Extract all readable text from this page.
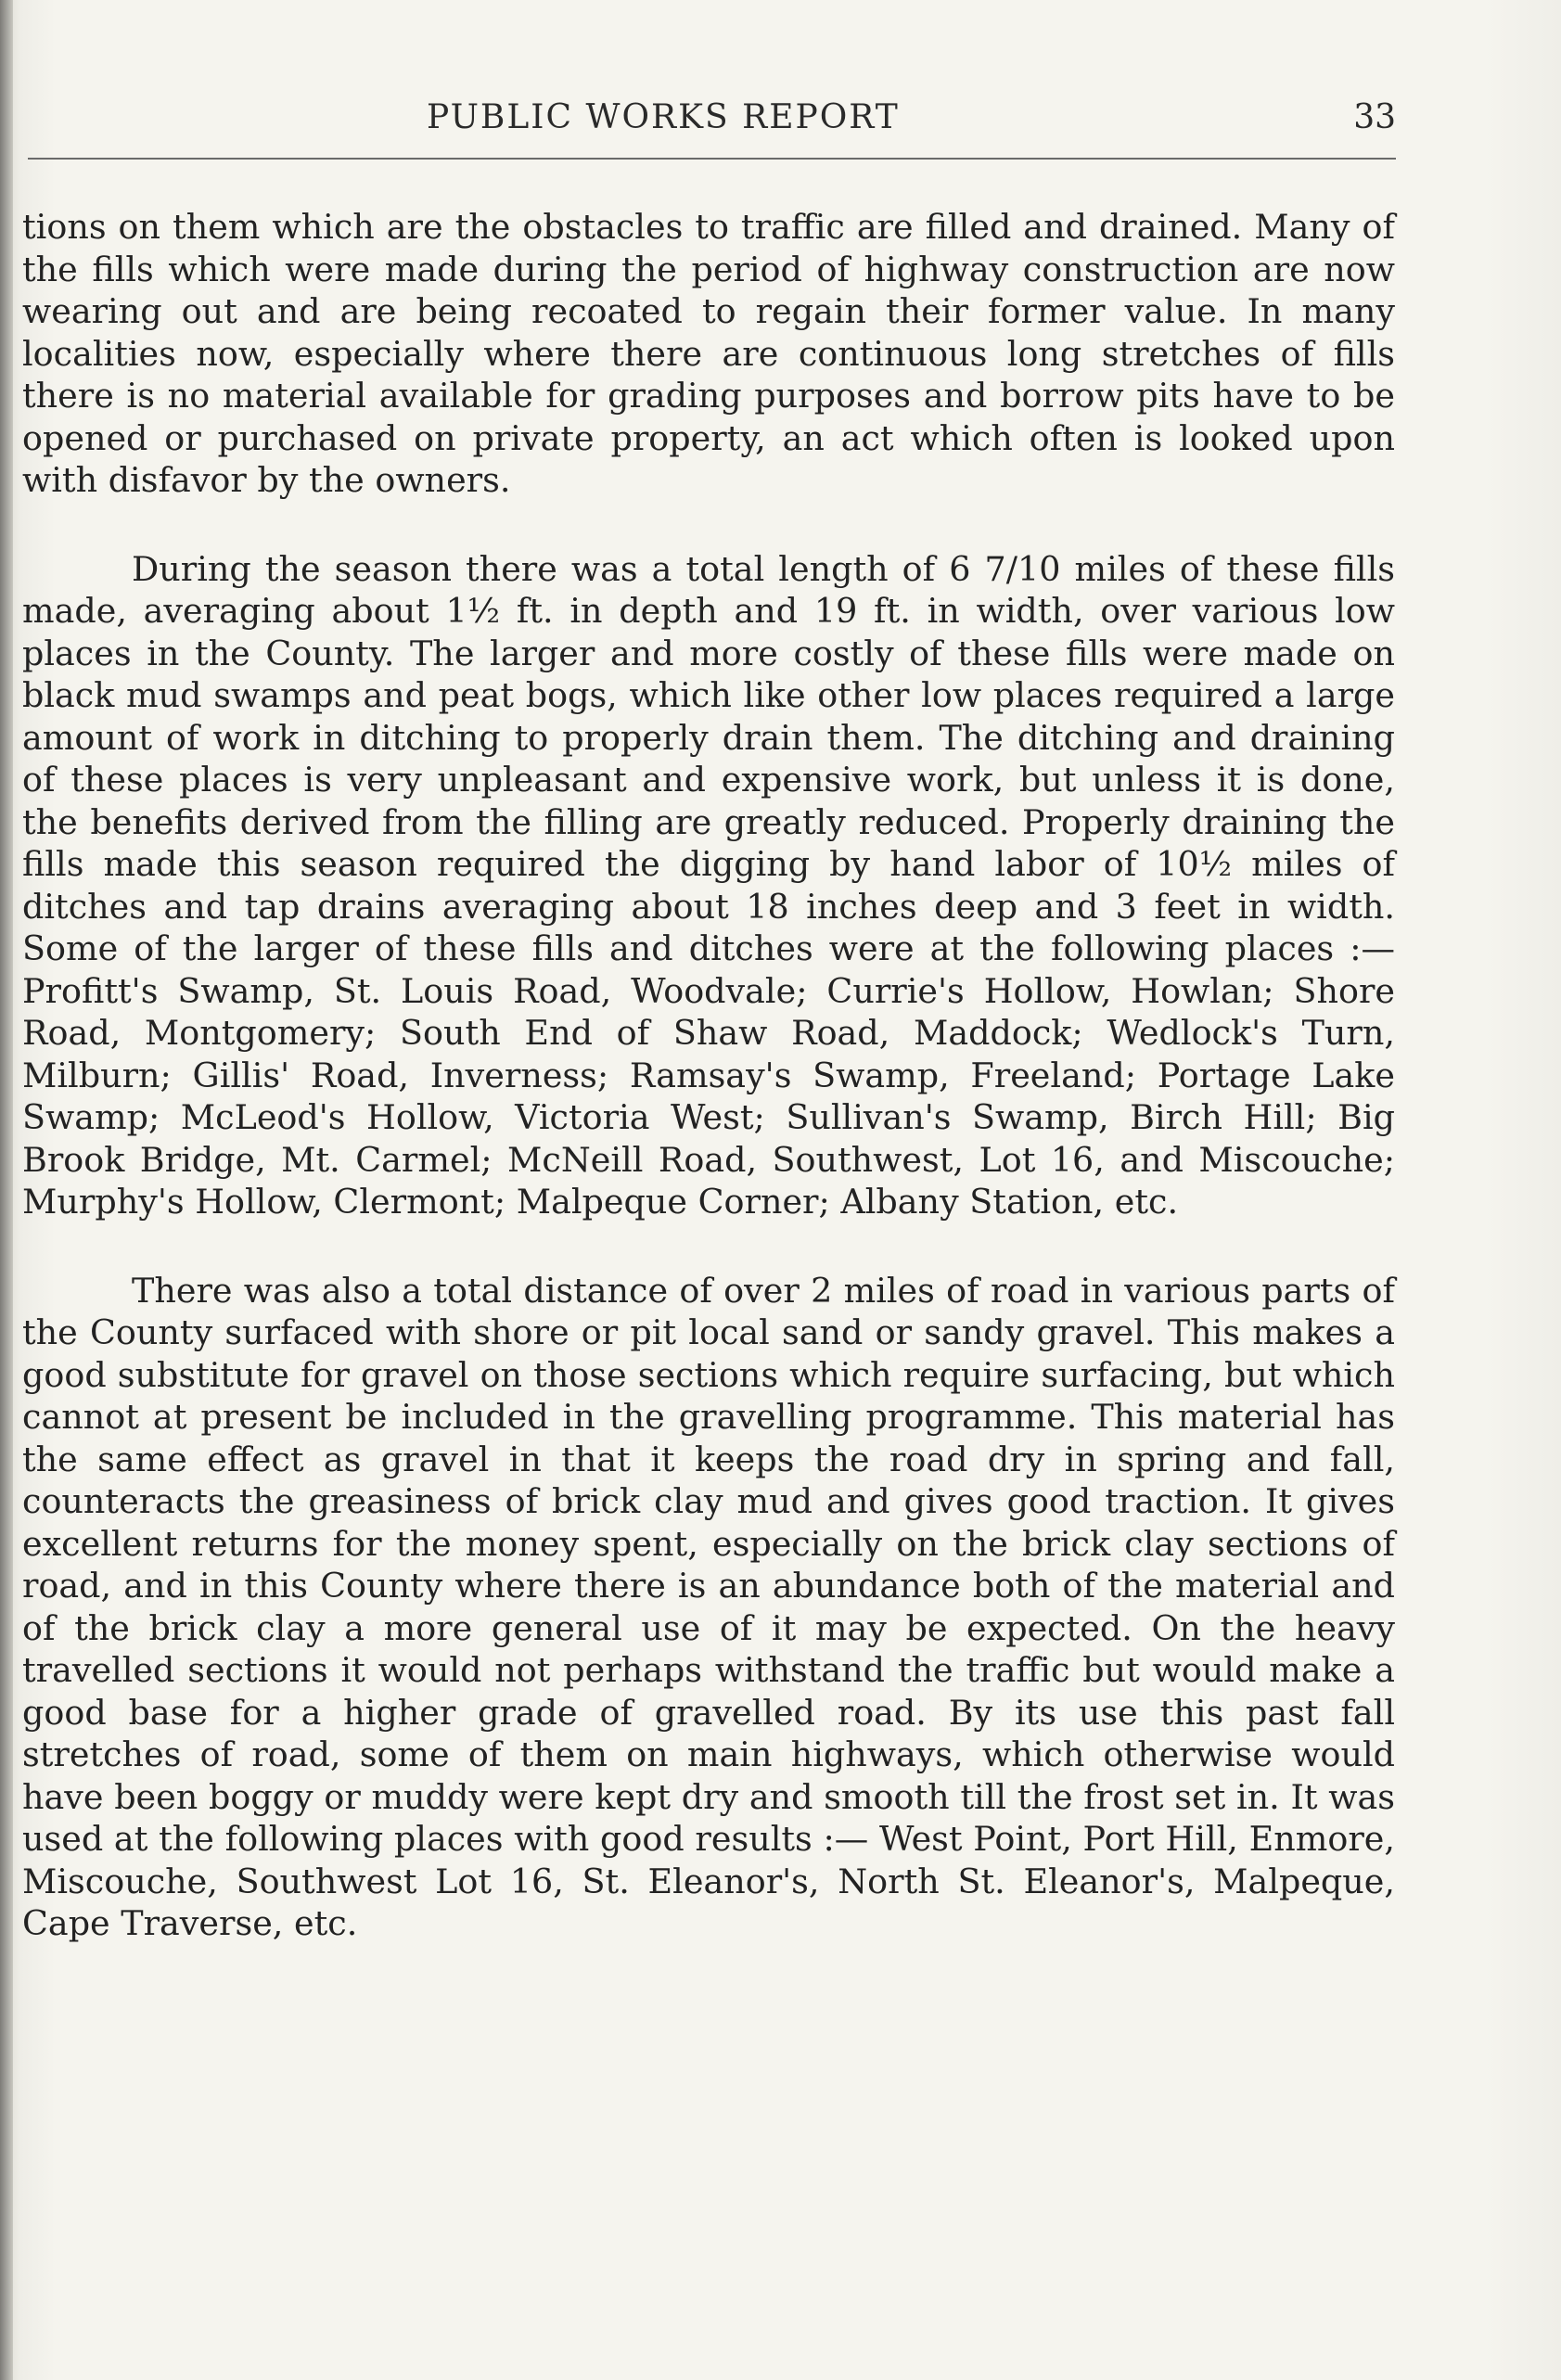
PUBLIC WORKS REPORT	33

tions on them which are the obstacles to traffic are filled and drained. Many of the fills which were made during the period of highway construction are now wearing out and are being recoated to regain their former value. In many localities now, especially where there are continuous long stretches of fills there is no material available for grading purposes and borrow pits have to be opened or purchased on private property, an act which often is looked upon with disfavor by the owners.

During the season there was a total length of 6 7/10 miles of these fills made, averaging about 1½ ft. in depth and 19 ft. in width, over various low places in the County. The larger and more costly of these fills were made on black mud swamps and peat bogs, which like other low places required a large amount of work in ditching to properly drain them. The ditching and draining of these places is very unpleasant and expensive work, but unless it is done, the benefits derived from the filling are greatly reduced. Properly draining the fills made this season required the digging by hand labor of 10½ miles of ditches and tap drains averaging about 18 inches deep and 3 feet in width. Some of the larger of these fills and ditches were at the following places :— Profitt's Swamp, St. Louis Road, Woodvale; Currie's Hollow, Howlan; Shore Road, Montgomery; South End of Shaw Road, Maddock; Wedlock's Turn, Milburn; Gillis' Road, Inverness; Ramsay's Swamp, Freeland; Portage Lake Swamp; McLeod's Hollow, Victoria West; Sullivan's Swamp, Birch Hill; Big Brook Bridge, Mt. Carmel; McNeill Road, Southwest, Lot 16, and Miscouche; Murphy's Hollow, Clermont; Malpeque Corner; Albany Station, etc.

There was also a total distance of over 2 miles of road in various parts of the County surfaced with shore or pit local sand or sandy gravel. This makes a good substitute for gravel on those sections which require surfacing, but which cannot at present be included in the gravelling programme. This material has the same effect as gravel in that it keeps the road dry in spring and fall, counteracts the greasiness of brick clay mud and gives good traction. It gives excellent returns for the money spent, especially on the brick clay sections of road, and in this County where there is an abundance both of the material and of the brick clay a more general use of it may be expected. On the heavy travelled sections it would not perhaps withstand the traffic but would make a good base for a higher grade of gravelled road. By its use this past fall stretches of road, some of them on main highways, which otherwise would have been boggy or muddy were kept dry and smooth till the frost set in. It was used at the following places with good results :— West Point, Port Hill, Enmore, Miscouche, Southwest Lot 16, St. Eleanor's, North St. Eleanor's, Malpeque, Cape Traverse, etc.
